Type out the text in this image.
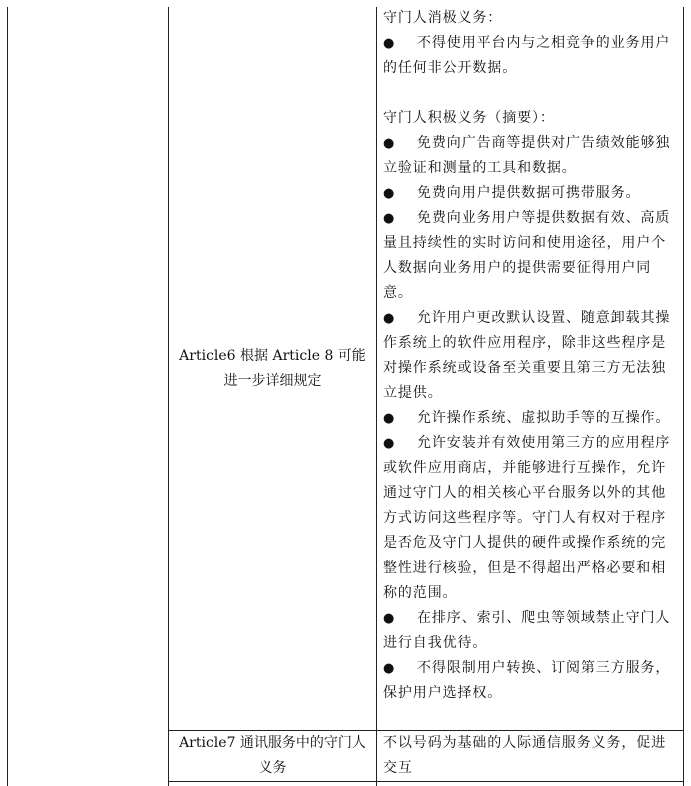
Article6 根据 Article 8 可能进一步详细规定

守门人消极义务：

● 不得使用平台内与之相竞争的业务用户的任何非公开数据。

守门人积极义务（摘要）：

● 免费向广告商等提供对广告绩效能够独立验证和测量的工具和数据。

● 免费向用户提供数据可携带服务。

● 免费向业务用户等提供数据有效、高质量且持续性的实时访问和使用途径，用户个人数据向业务用户的提供需要征得用户同意。

● 允许用户更改默认设置、随意卸载其操作系统上的软件应用程序，除非这些程序是对操作系统或设备至关重要且第三方无法独立提供。

● 允许操作系统、虚拟助手等的互操作。

● 允许安装并有效使用第三方的应用程序或软件应用商店，并能够进行互操作，允许通过守门人的相关核心平台服务以外的其他方式访问这些程序等。守门人有权对于程序是否危及守门人提供的硬件或操作系统的完整性进行核验，但是不得超出严格必要和相称的范围。

● 在排序、索引、爬虫等领域禁止守门人进行自我优待。

● 不得限制用户转换、订阅第三方服务，保护用户选择权。

Article7 通讯服务中的守门人义务

不以号码为基础的人际通信服务义务，促进交互
